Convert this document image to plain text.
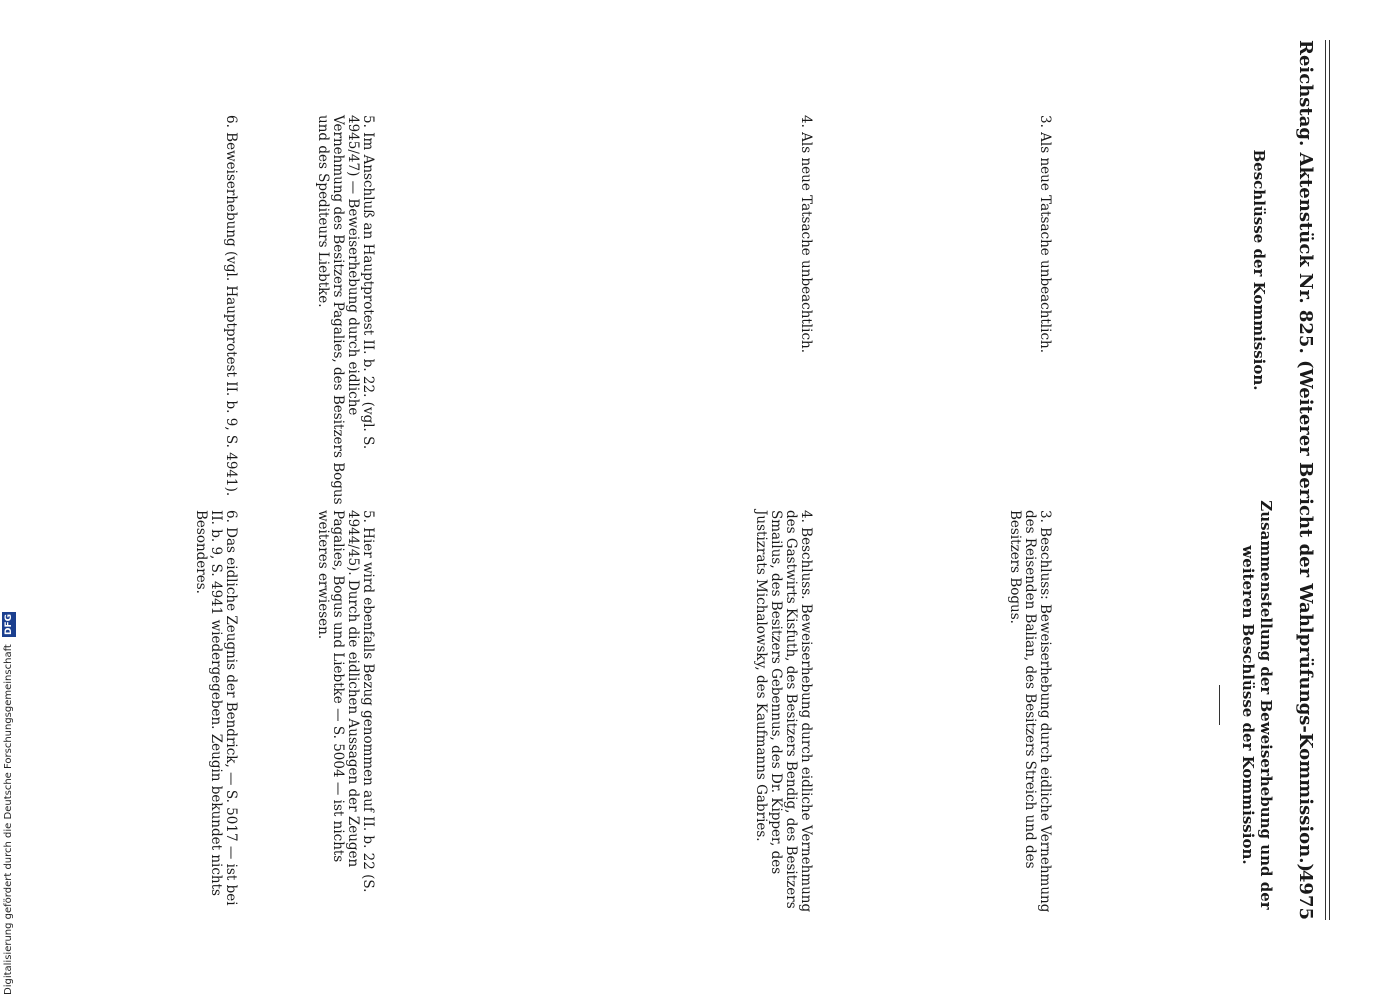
Reichstag. Aktenstück Nr. 825. (Weiterer Bericht der Wahlprüfungs-Kommission.)
4975
Beschlüsse der Kommission.
Zusammenstellung der Beweiserhebung und der weiteren Beschlüsse der Kommission.

3. Als neue Tatsache unbeachtlich.

4. Als neue Tatsache unbeachtlich.

5. Im Anschluß an Hauptprotest II. b. 22. (vgl. S. 4945/47) — Beweiserhebung durch eidliche Vernehmung des Besitzers Pagalies, des Besitzers Bogus und des Spediteurs Liebtke.

6. Beweiserhebung (vgl. Hauptprotest II. b. 9, S. 4941).

3. Beschluss: Beweiserhebung durch eidliche Vernehmung des Reisenden Balian, des Besitzers Streich und des Besitzers Bogus.

4. Beschluss. Beweiserhebung durch eidliche Vernehmung des Gastwirts Kisfuth, des Besitzers Bendig, des Besitzers Smailus, des Besitzers Gebennus, des Dr. Kipper, des Justizrats Michalowsky, des Kaufmanns Gabries.

5. Hier wird ebenfalls Bezug genommen auf II. b. 22 (S. 4944/45). Durch die eidlichen Aussagen der Zeugen Pagalies, Bogus und Liebtke — S. 5004 — ist nichts weiteres erwiesen.

6. Das eidliche Zeugnis der Bendrick, — S. 5017 — ist bei II. b. 9, S. 4941 wiedergegeben. Zeugin bekundet nichts Besonderes.

Digitalisierung gefördert durch die Deutsche Forschungsgemeinschaft DFG
